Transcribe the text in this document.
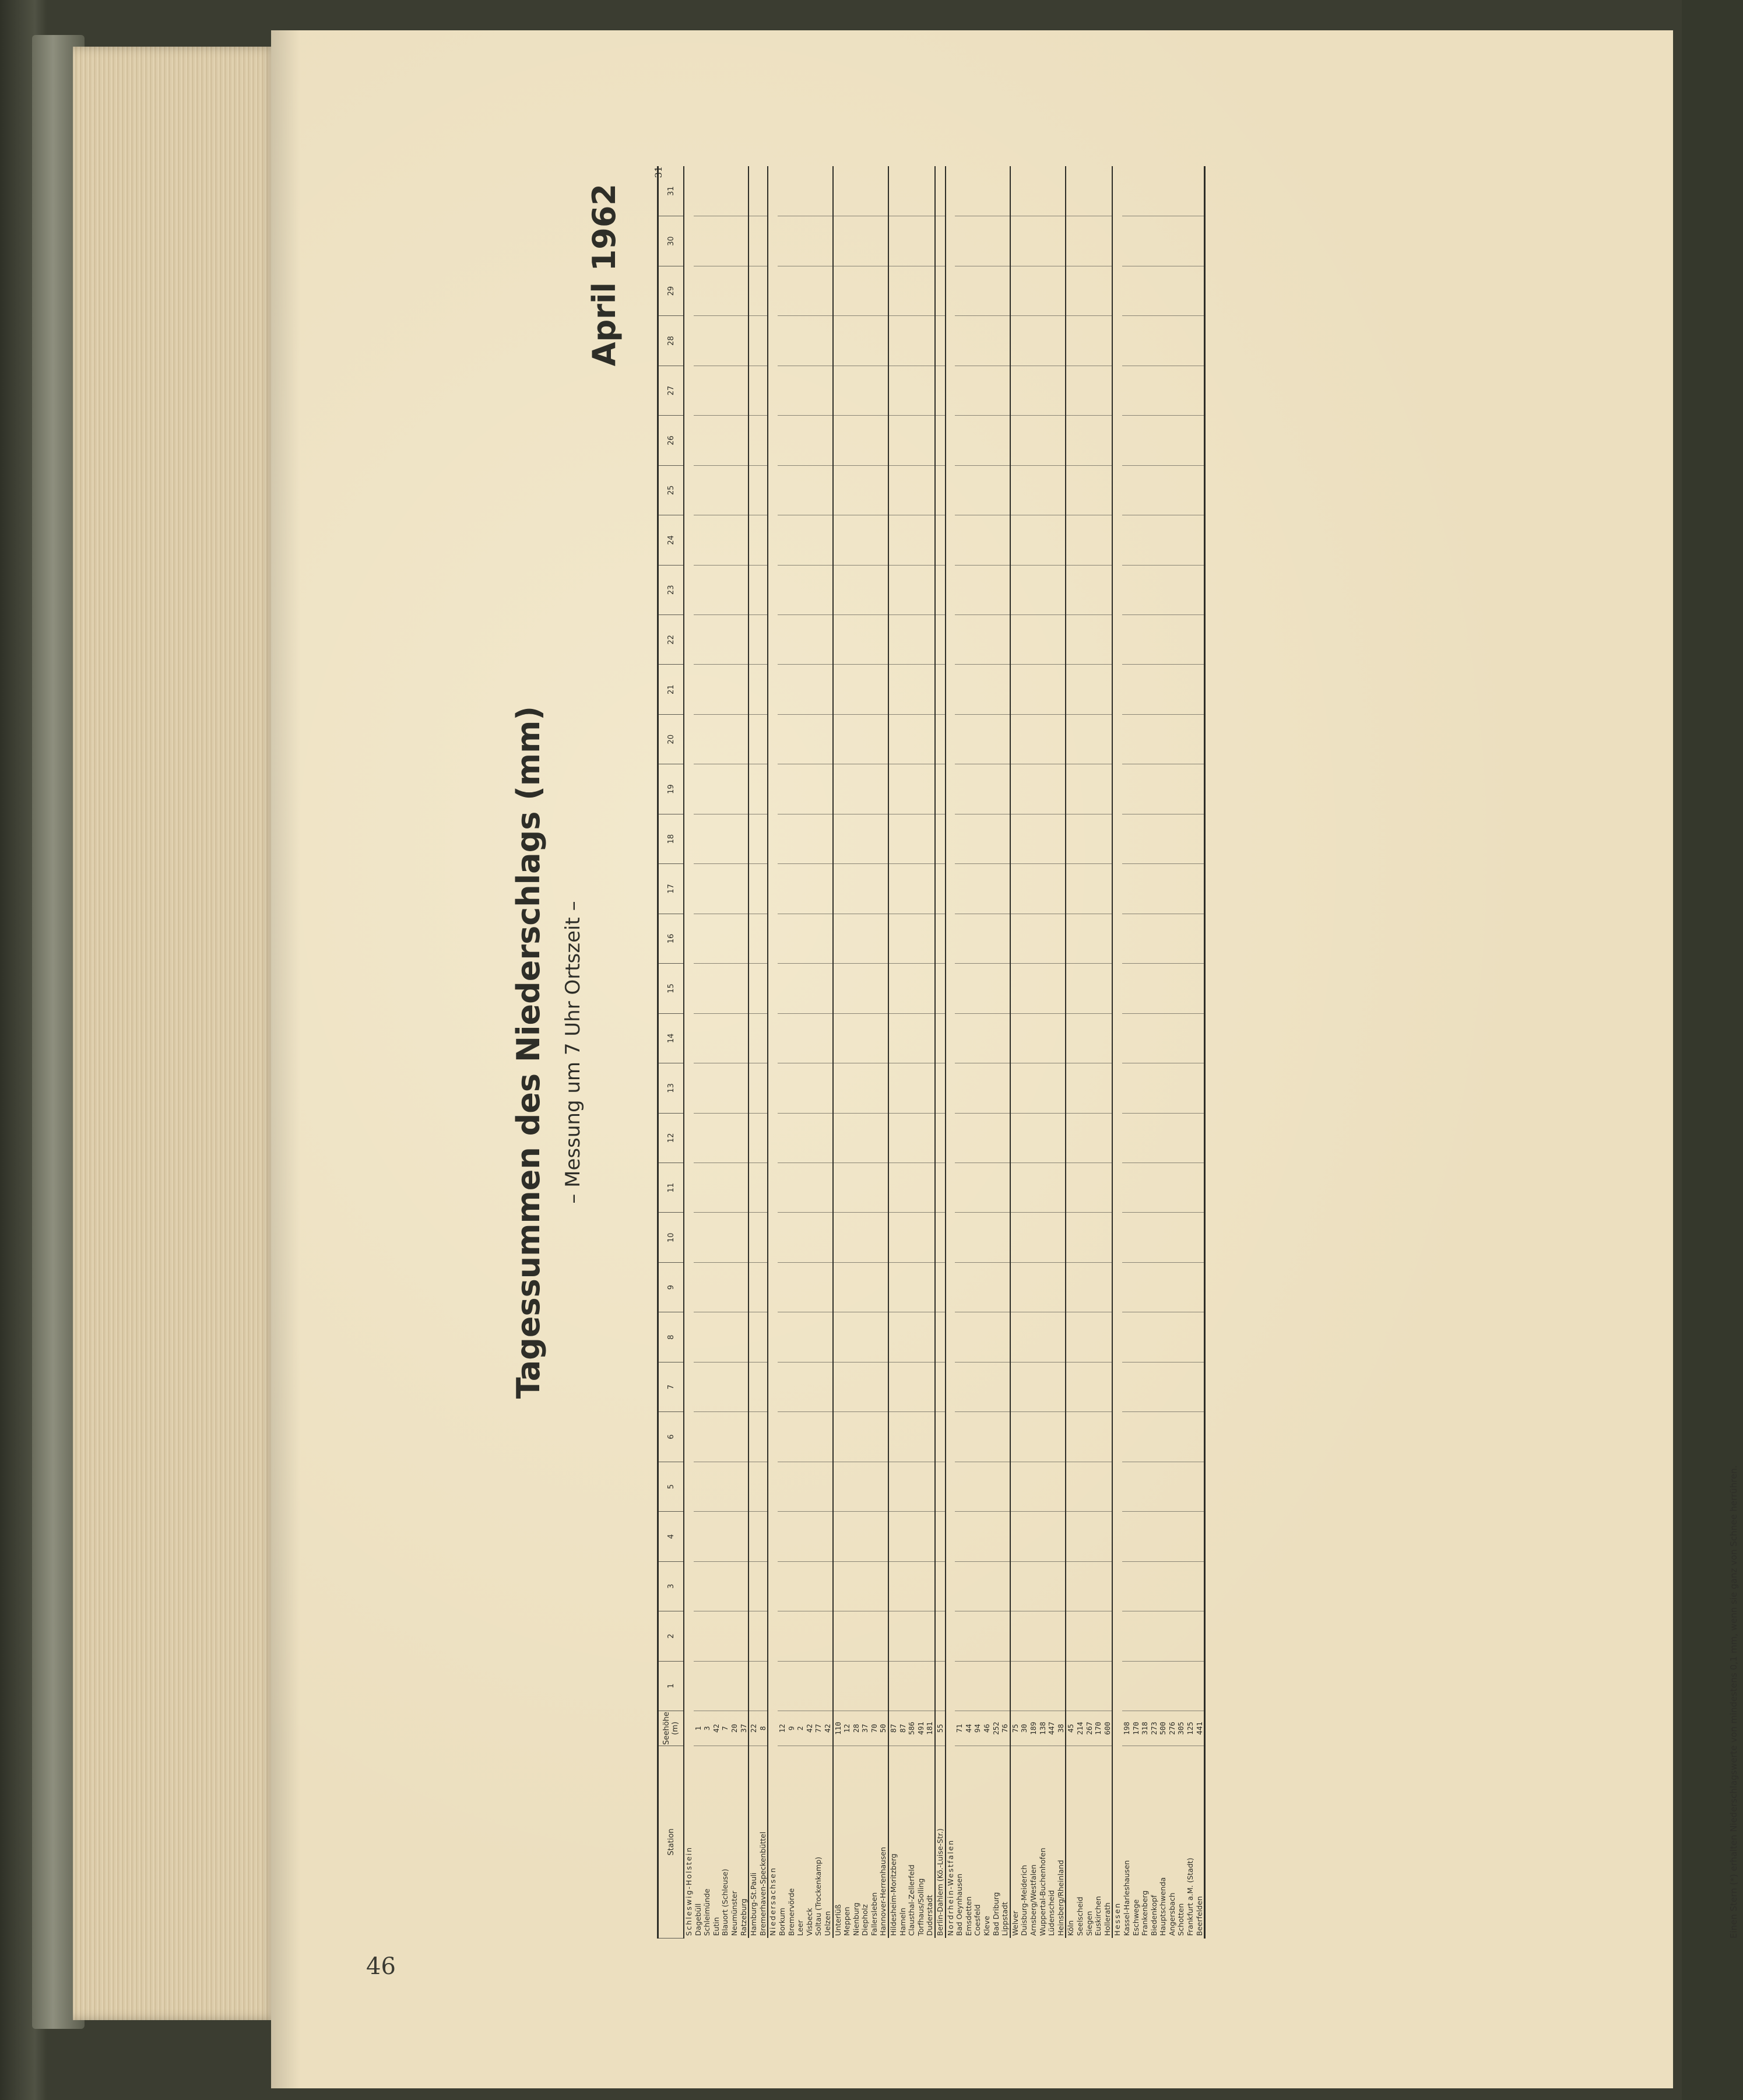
46
Tagessummen des Niederschlags (mm) – Messung um 7 Uhr Ortszeit –
April 1962
31
Station	Seehöhe (m)	1	2	3	4	5	6	7	8	9	10	11	12	13	14	15	16	17	18	19	20	21	22	23	24	25	26	27	28	29	30	31
Schleswig-Holstein																																
Dagebüll	1																															
Schleimünde	3																															
Eutin	42																															
Blauort (Schleuse)	7																															
Neumünster	20																															
Ratzeburg	37																															
Hamburg-St.Pauli	22																															
Bremerhaven-Speckenbüttel	8																															
Niedersachsen																																
Borkum	12																															
Bremervörde	9																															
Leer	2																															
Visbeck	42																															
Soltau (Trockenkamp)	77																															
Uelzen	42																															
Unterlüß	110																															
Meppen	12																															
Nienburg	28																															
Diepholz	37																															
Fallersleben	70																															
Hannover-Herrenhausen	50																															
Hildesheim-Moritzberg	87																															
Hameln	87																															
Clausthal-Zellerfeld	586																															
Torfhaus/Solling	491																															
Duderstadt	181																															
Berlin-Dahlem (Kö.-Luise-Str.)	55																															
Nordrhein-Westfalen																																
Bad Oeynhausen	71																															
Emsdetten	44																															
Coesfeld	94																															
Kleve	46																															
Bad Driburg	252																															
Lippstadt	76																															
Welver	75																															
Duisburg-Meiderich	30																															
Arnsberg/Westfalen	189																															
Wuppertal-Buchenhofen	138																															
Lüdenscheid	447																															
Heinsberg/Rheinland	38																															
Köln	45																															
Seelscheid	214																															
Siegen	267																															
Euskirchen	170																															
Hollerath	600																															
Hessen																																
Kassel-Harleshausen	198																															
Eschwege	170																															
Frankenberg	318																															
Biedenkopf	273																															
Hauptschwenda	500																															
Angersbach	276																															
Schotten	305																															
Frankfurt a.M. (Stadt)	125																															
Beerfelden	441																																Einen Stern (*) erhalten Niederschlagswerte von mindestens 0,1 mm, wenn sie ganz von Schnee herrühren.
